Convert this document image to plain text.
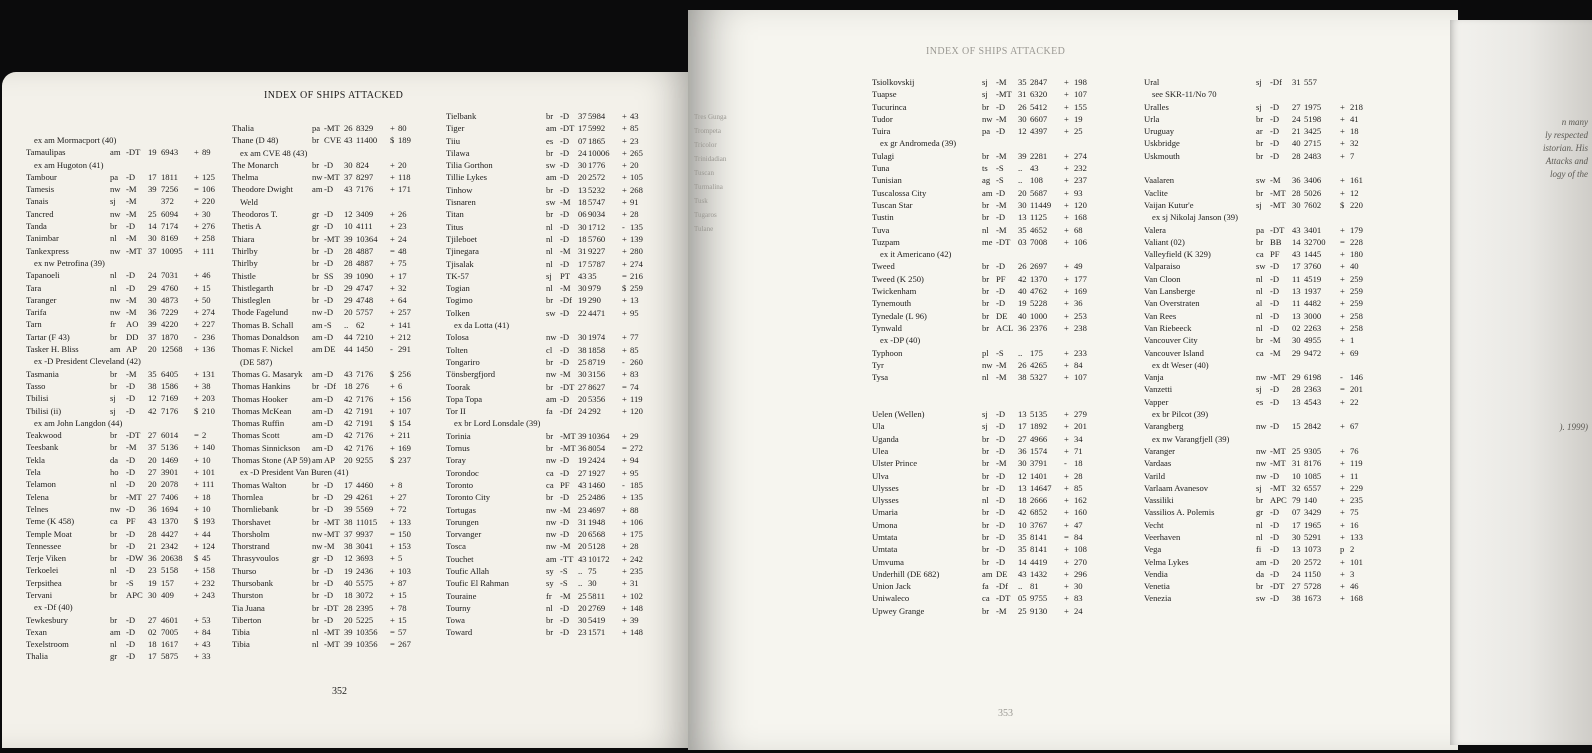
INDEX OF SHIPS ATTACKED
ex am Mormacport (40)
Tamaulipas	am -DT 19 6943 + 89
ex am Hugoton (41)
Tambour	pa -D 17 1811 + 125
Tamesis	nw -M 39 7256 = 106
Tanais	sj -M	372 + 220
Tancred	nw -M 25 6094 + 30
Tanda	br -D 14 7174 + 276
Tanimbar	nl -M 30 8169 + 258
Tankexpress	nw -MT 37 10095 + 111
ex nw Petrofina (39)
Tapanoeli	nl -D 24 7031 + 46
Tara	nl -D 29 4760 + 15
Taranger	nw -M 30 4873 + 50
Tarifa	nw -M 36 7229 + 274
Tarn	fr AO 39 4220 + 227
Tartar (F 43)	br DD 37 1870 - 236
Tasker H. Bliss	am AP 20 12568 + 136
ex -D President Cleveland (42)
Tasmania	br -M 35 6405 + 131
Tasso	br -D 38 1586 + 38
Tbilisi	sj -D 12 7169 + 203
Tbilisi (ii)	sj -D 42 7176 $ 210
ex am John Langdon (44)
Teakwood	br -DT 27 6014 = 2
Teesbank	br -M 37 5136 + 140
Tekla	da -D 20 1469 + 10
Tela	ho -D 27 3901 + 101
Telamon	nl -D 20 2078 + 111
Telena	br -MT 27 7406 + 18
Telnes	nw -D 36 1694 + 10
Teme (K 458)	ca PF 43 1370 $ 193
Temple Moat	br -D 28 4427 + 44
Tennessee	br -D 21 2342 + 124
Terje Viken	br -DW 36 20638 $ 45
Terkoelei	nl -D 23 5158 + 158
Terpsithea	br -S 19 157 + 232
Tervani	br APC 30 409 + 243
ex -Df (40)
Tewkesbury	br -D 27 4601 + 53
Texan	am -D 02 7005 + 84
Texelstroom	nl -D 18 1617 + 43
Thalia	gr -D 17 5875 + 33
Thalia	pa -MT 26 8329 + 80
Thane (D 48)	br CVE 43 11400 $ 189
ex am CVE 48 (43)
The Monarch	br -D 30 824 + 20
Thelma	nw -MT 37 8297 + 118
Theodore Dwight am -D 43 7176 + 171
Weld
Theodoros T.	gr -D 12 3409 + 26
Thetis A	gr -D 10 4111 + 23
Thiara	br -MT 39 10364 + 24
Thirlby	br -D 28 4887 = 48
Thirlby	br -D 28 4887 + 75
Thistle	br SS 39 1090 + 17
Thistlegarth	br -D 29 4747 + 32
Thistleglen	br -D 29 4748 + 64
Thode Fagelund	nw -D 20 5757 + 257
Thomas B. Schall am -S .. 62	+ 141
Thomas Donaldson am -D 44 7210 + 212
Thomas F. Nickel am DE 44 1450 - 291
(DE 587)
Thomas G. Masaryk am -D 43 7176 $ 256
Thomas Hankins	br -Df 18 276 + 6
Thomas Hooker	am -D 42 7176 + 156
Thomas McKean am -D 42 7191 + 107
Thomas Ruffin	am -D 42 7191 $ 154
Thomas Scott	am -D 42 7176 + 211
Thomas Sinnickson am -D 42 7176 + 169
Thomas Stone (AP 59) am AP 20 9255 $ 237
ex -D President Van Buren (41)
Thomas Walton	br -D 17 4460 + 8
Thornlea	br -D 29 4261 + 27
Thornliebank	br -D 39 5569 + 72
Thorshavet	br -MT 38 11015 + 133
Thorsholm	nw -MT 37 9937 = 150
Thorstrand	nw -M 38 3041 + 153
Thrasyvoulos	gr -D 12 3693 + 5
Thurso	br -D 19 2436 + 103
Thursobank	br -D 40 5575 + 87
Thurston	br -D 18 3072 + 15
Tia Juana	br -DT 28 2395 + 78
Tiberton	br -D 20 5225 + 15
Tibia	nl -MT 39 10356 = 57
Tibia	nl -MT 39 10356 = 267
Tielbank	br -D 37 5984 + 43
Tiger	am -DT 17 5992 + 85
Tiiu	es -D 07 1865 + 23
Tilawa	br -D 24 10006 + 265
Tilia Gorthon	sw -D 30 1776 + 20
Tillie Lykes	am -D 20 2572 + 105
Tinhow	br -D 13 5232 + 268
Tisnaren	sw -M 18 5747 + 91
Titan	br -D 06 9034 + 28
Titus	nl -D 30 1712 - 135
Tjileboet	nl -D 18 5760 + 139
Tjinegara	nl -M 31 9227 + 280
Tjisalak	nl -D 17 5787 + 274
TK-57	sj PT 43 35	= 216
Togian	nl -M 30 979 $ 259
Togimo	br -Df 19 290 + 13
Tolken	sw -D 22 4471 + 95
ex da Lotta (41)
Tolosa	nw -D 30 1974 + 77
Tolten	cl -D 38 1858 + 85
Tongariro	br -D 25 8719 - 260
Tönsbergfjord	nw -M 30 3156 + 83
Toorak	br -DT 27 8627 = 74
Topa Topa	am -D 20 5356 + 119
Tor II	fa -Df 24 292 + 120
ex br Lord Lonsdale (39)
Torinia	br -MT 39 10364 + 29
Tornus	br -MT 36 8054 = 272
Toray	nw -D 19 2424 + 94
Torondoc	ca -D 27 1927 + 95
Toronto	ca PF 43 1460 - 185
Toronto City	br -D 25 2486 + 135
Tortugas	nw -M 23 4697 + 88
Torungen	nw -D 31 1948 + 106
Torvanger	nw -D 20 6568 + 175
Tosca	nw -M 20 5128 + 28
Touchet	am -TT 43 10172 + 242
Toufic Allah	sy -S .. 75	+ 235
Toufic El Rahman	sy -S .. 30	+ 31
Touraine	fr -M 25 5811 + 102
Tourny	nl -D 20 2769 + 148
Towa	br -D 30 5419 + 39
Toward	br -D 23 1571 + 148
352
INDEX OF SHIPS ATTACKED
Tres Gunga
Trompeta
Tricolor
Trinidadian
Tuscan
Turmalina
Tusk
Tugaros
Tulane
Tsiolkovskij	sj -M 35 2847 + 198
Tuapse	sj -MT 31 6320 + 107
Tucurinca	br -D 26 5412 + 155
Tudor	nw -M 30 6607 + 19
Tuira	pa -D 12 4397 + 25
ex gr Andromeda (39)
Tulagi	br -M 39 2281 + 274
Tuna	ts -S .. 43	+ 232
Tunisian	ag -S .. 108 + 237
Tuscalossa City	am -D 20 5687 + 93
Tuscan Star	br -M 30 11449 + 120
Tustin	br -D 13 1125 + 168
Tuva	nl -M 35 4652 + 68
Tuzpam	me -DT 03 7008 + 106
ex it Americano (42)
Tweed	br -D 26 2697 + 49
Tweed (K 250)	br PF 42 1370 + 177
Twickenham	br -D 40 4762 + 169
Tynemouth	br -D 19 5228 + 36
Tynedale (L 96)	br DE 40 1000 + 253
Tynwald	br ACL 36 2376 + 238
ex -DP (40)
Typhoon	pl -S .. 175 + 233
Tyr	nw -M 26 4265 + 84
Tysa	nl -M 38 5327 + 107
Uelen (Wellen)	sj -D 13 5135 + 279
Ula	sj -D 17 1892 + 201
Uganda	br -D 27 4966 + 34
Ulea	br -D 36 1574 + 71
Ulster Prince	br -M 30 3791 - 18
Ulva	br -D 12 1401 + 28
Ulysses	br -D 13 14647 + 85
Ulysses	nl -D 18 2666 + 162
Umaria	br -D 42 6852 + 160
Umona	br -D 10 3767 + 47
Umtata	br -D 35 8141 = 84
Umtata	br -D 35 8141 + 108
Umvuma	br -D 14 4419 + 270
Underhill (DE 682)	am DE 43 1432 + 296
Union Jack	fa -Df .. 81	+ 30
Uniwaleco	ca -DT 05 9755 + 83
Upwey Grange	br -M 25 9130 + 24
Ural	sj -Df 31 557
see SKR-11/No 70
Uralles	sj -D 27 1975 + 218
Urla	br -D 24 5198 + 41
Uruguay	ar -D 21 3425 + 18
Uskbridge	br -D 40 2715 + 32
Uskmouth	br -D 28 2483 + 7
Vaalaren	sw -M 36 3406 + 161
Vaclite	br -MT 28 5026 + 12
Vaijan Kutur'e	sj -MT 30 7602 $ 220
ex sj Nikolaj Janson (39)
Valera	pa -DT 43 3401 + 179
Valiant (02)	br BB 14 32700 = 228
Valleyfield (K 329)	ca PF 43 1445 + 180
Valparaiso	sw -D 17 3760 + 40
Van Cloon	nl -D 11 4519 + 259
Van Lansberge	nl -D 13 1937 + 259
Van Overstraten	al -D 11 4482 + 259
Van Rees	nl -D 13 3000 + 258
Van Riebeeck	nl -D 02 2263 + 258
Vancouver City	br -M 30 4955 + 1
Vancouver Island	ca -M 29 9472 + 69
ex dt Weser (40)
Vanja	nw -MT 29 6198 - 146
Vanzetti	sj -D 28 2363 = 201
Vapper	es -D 13 4543 + 22
ex br Pilcot (39)
Varangberg	nw -D 15 2842 + 67
ex nw Varangfjell (39)
Varanger	nw -MT 25 9305 + 76
Vardaas	nw -MT 31 8176 + 119
Varild	nw -D 10 1085 + 11
Varlaam Avanesov	sj -MT 32 6557 + 229
Vassiliki	br APC 79 140	+ 235
Vassilios A. Polemis	gr -D 07 3429 + 75
Vecht	nl -D 17 1965 + 16
Veerhaven	nl -D 30 5291 + 133
Vega	fi -D 13 1073 p 2
Velma Lykes	am -D 20 2572 + 101
Vendia	da -D 24 1150 + 3
Venetia	br -DT 27 5728 + 46
Venezia	sw -D 38 1673 + 168
353
n many
ly respected
istorian. His
Attacks and
logy of the
). 1999)
